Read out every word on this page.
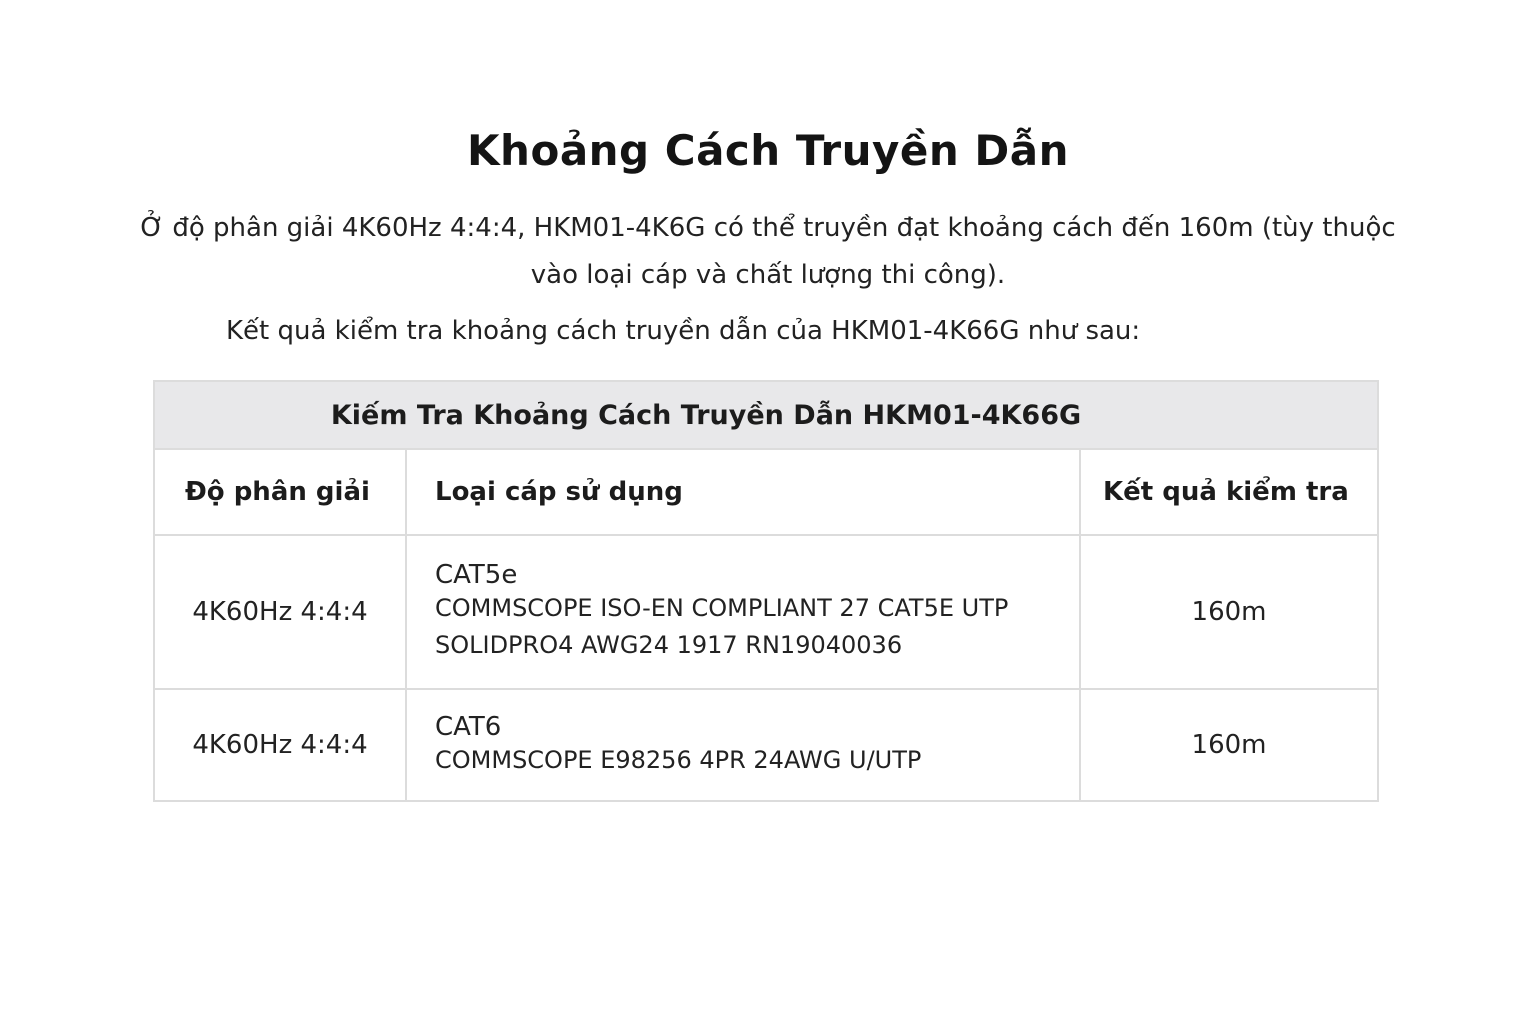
Khoảng Cách Truyền Dẫn
Ở độ phân giải 4K60Hz 4:4:4, HKM01-4K6G có thể truyền đạt khoảng cách đến 160m (tùy thuộc vào loại cáp và chất lượng thi công).
Kết quả kiểm tra khoảng cách truyền dẫn của HKM01-4K66G như sau:
Kiếm Tra Khoảng Cách Truyền Dẫn HKM01-4K66G		
Độ phân giải	Loại cáp sử dụng	Kết quả kiểm tra
4K60Hz 4:4:4	CAT5e
COMMSCOPE ISO-EN COMPLIANT 27 CAT5E UTP
SOLIDPRO4 AWG24 1917 RN19040036	160m
4K60Hz 4:4:4	CAT6
COMMSCOPE E98256 4PR 24AWG U/UTP	160m
